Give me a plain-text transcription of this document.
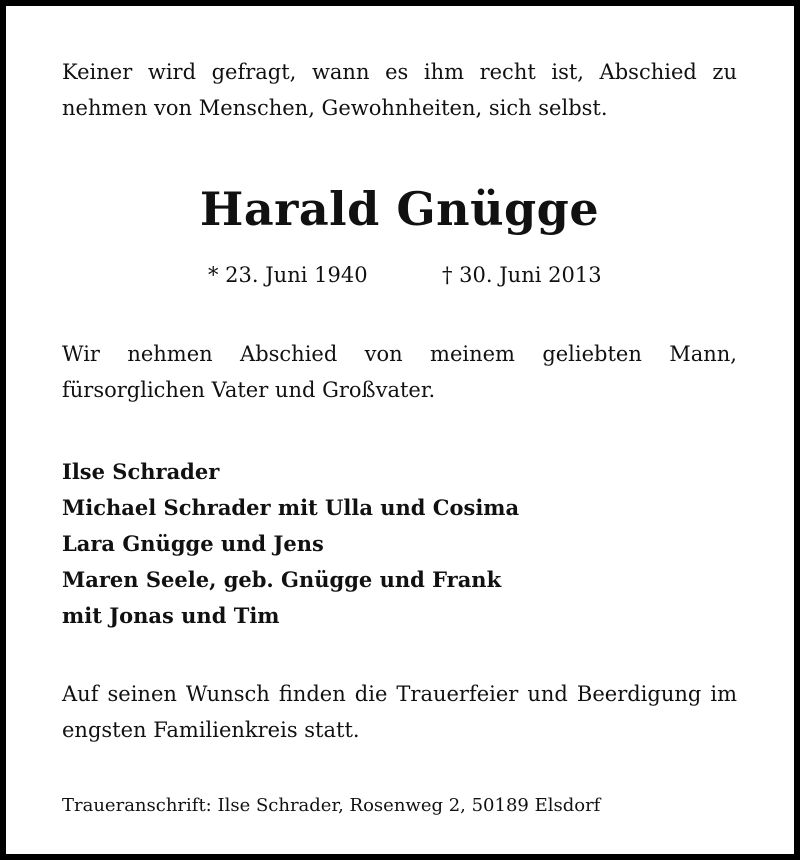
Keiner wird gefragt, wann es ihm recht ist, Abschied zu nehmen von Menschen, Gewohnheiten, sich selbst.

Harald Gnügge
* 23. Juni 1940	† 30. Juni 2013

Wir nehmen Abschied von meinem geliebten Mann, fürsorglichen Vater und Großvater.

Ilse Schrader
Michael Schrader mit Ulla und Cosima
Lara Gnügge und Jens
Maren Seele, geb. Gnügge und Frank
mit Jonas und Tim

Auf seinen Wunsch finden die Trauerfeier und Beerdigung im engsten Familienkreis statt.

Traueranschrift: Ilse Schrader, Rosenweg 2, 50189 Elsdorf
